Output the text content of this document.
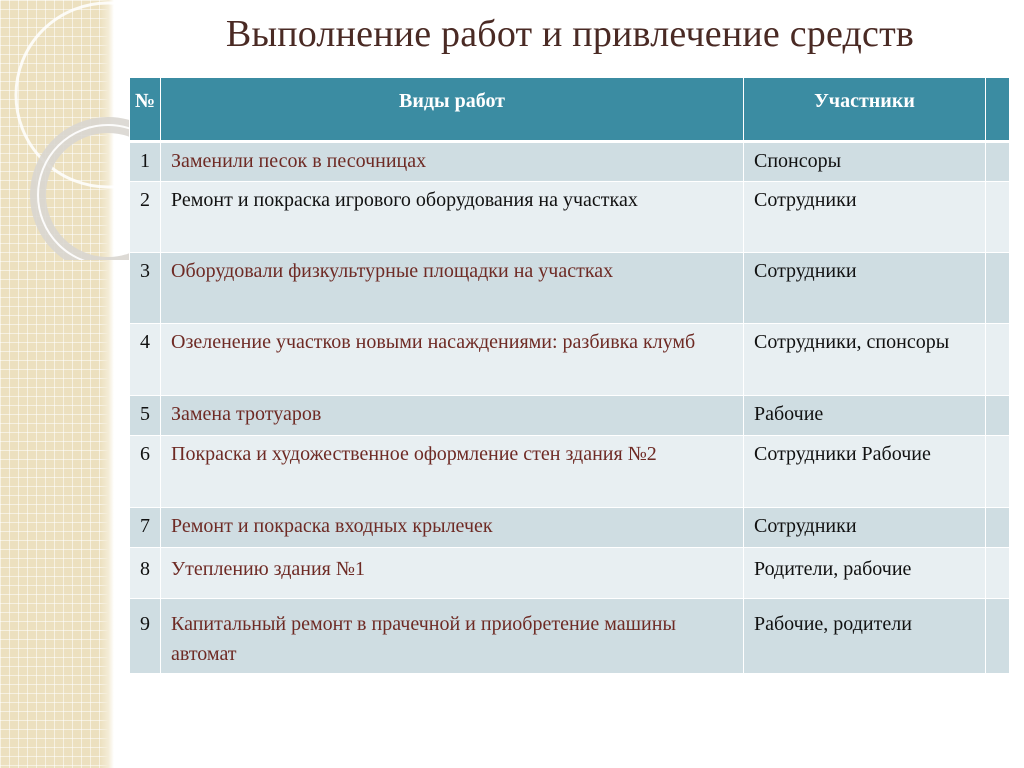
Выполнение работ и привлечение средств
№	Виды работ	Участники	
1	Заменили песок в песочницах	Спонсоры	
2	Ремонт и покраска игрового оборудования на участках	Сотрудники	
3	Оборудовали физкультурные площадки на участках	Сотрудники	
4	Озеленение участков новыми насаждениями: разбивка клумб	Сотрудники, спонсоры	
5	Замена тротуаров	Рабочие	
6	Покраска и художественное оформление стен здания №2	Сотрудники Рабочие	
7	Ремонт и покраска входных крылечек	Сотрудники	
8	Утеплению здания №1	Родители, рабочие	
9	Капитальный ремонт в прачечной и приобретение машины автомат	Рабочие, родители	
